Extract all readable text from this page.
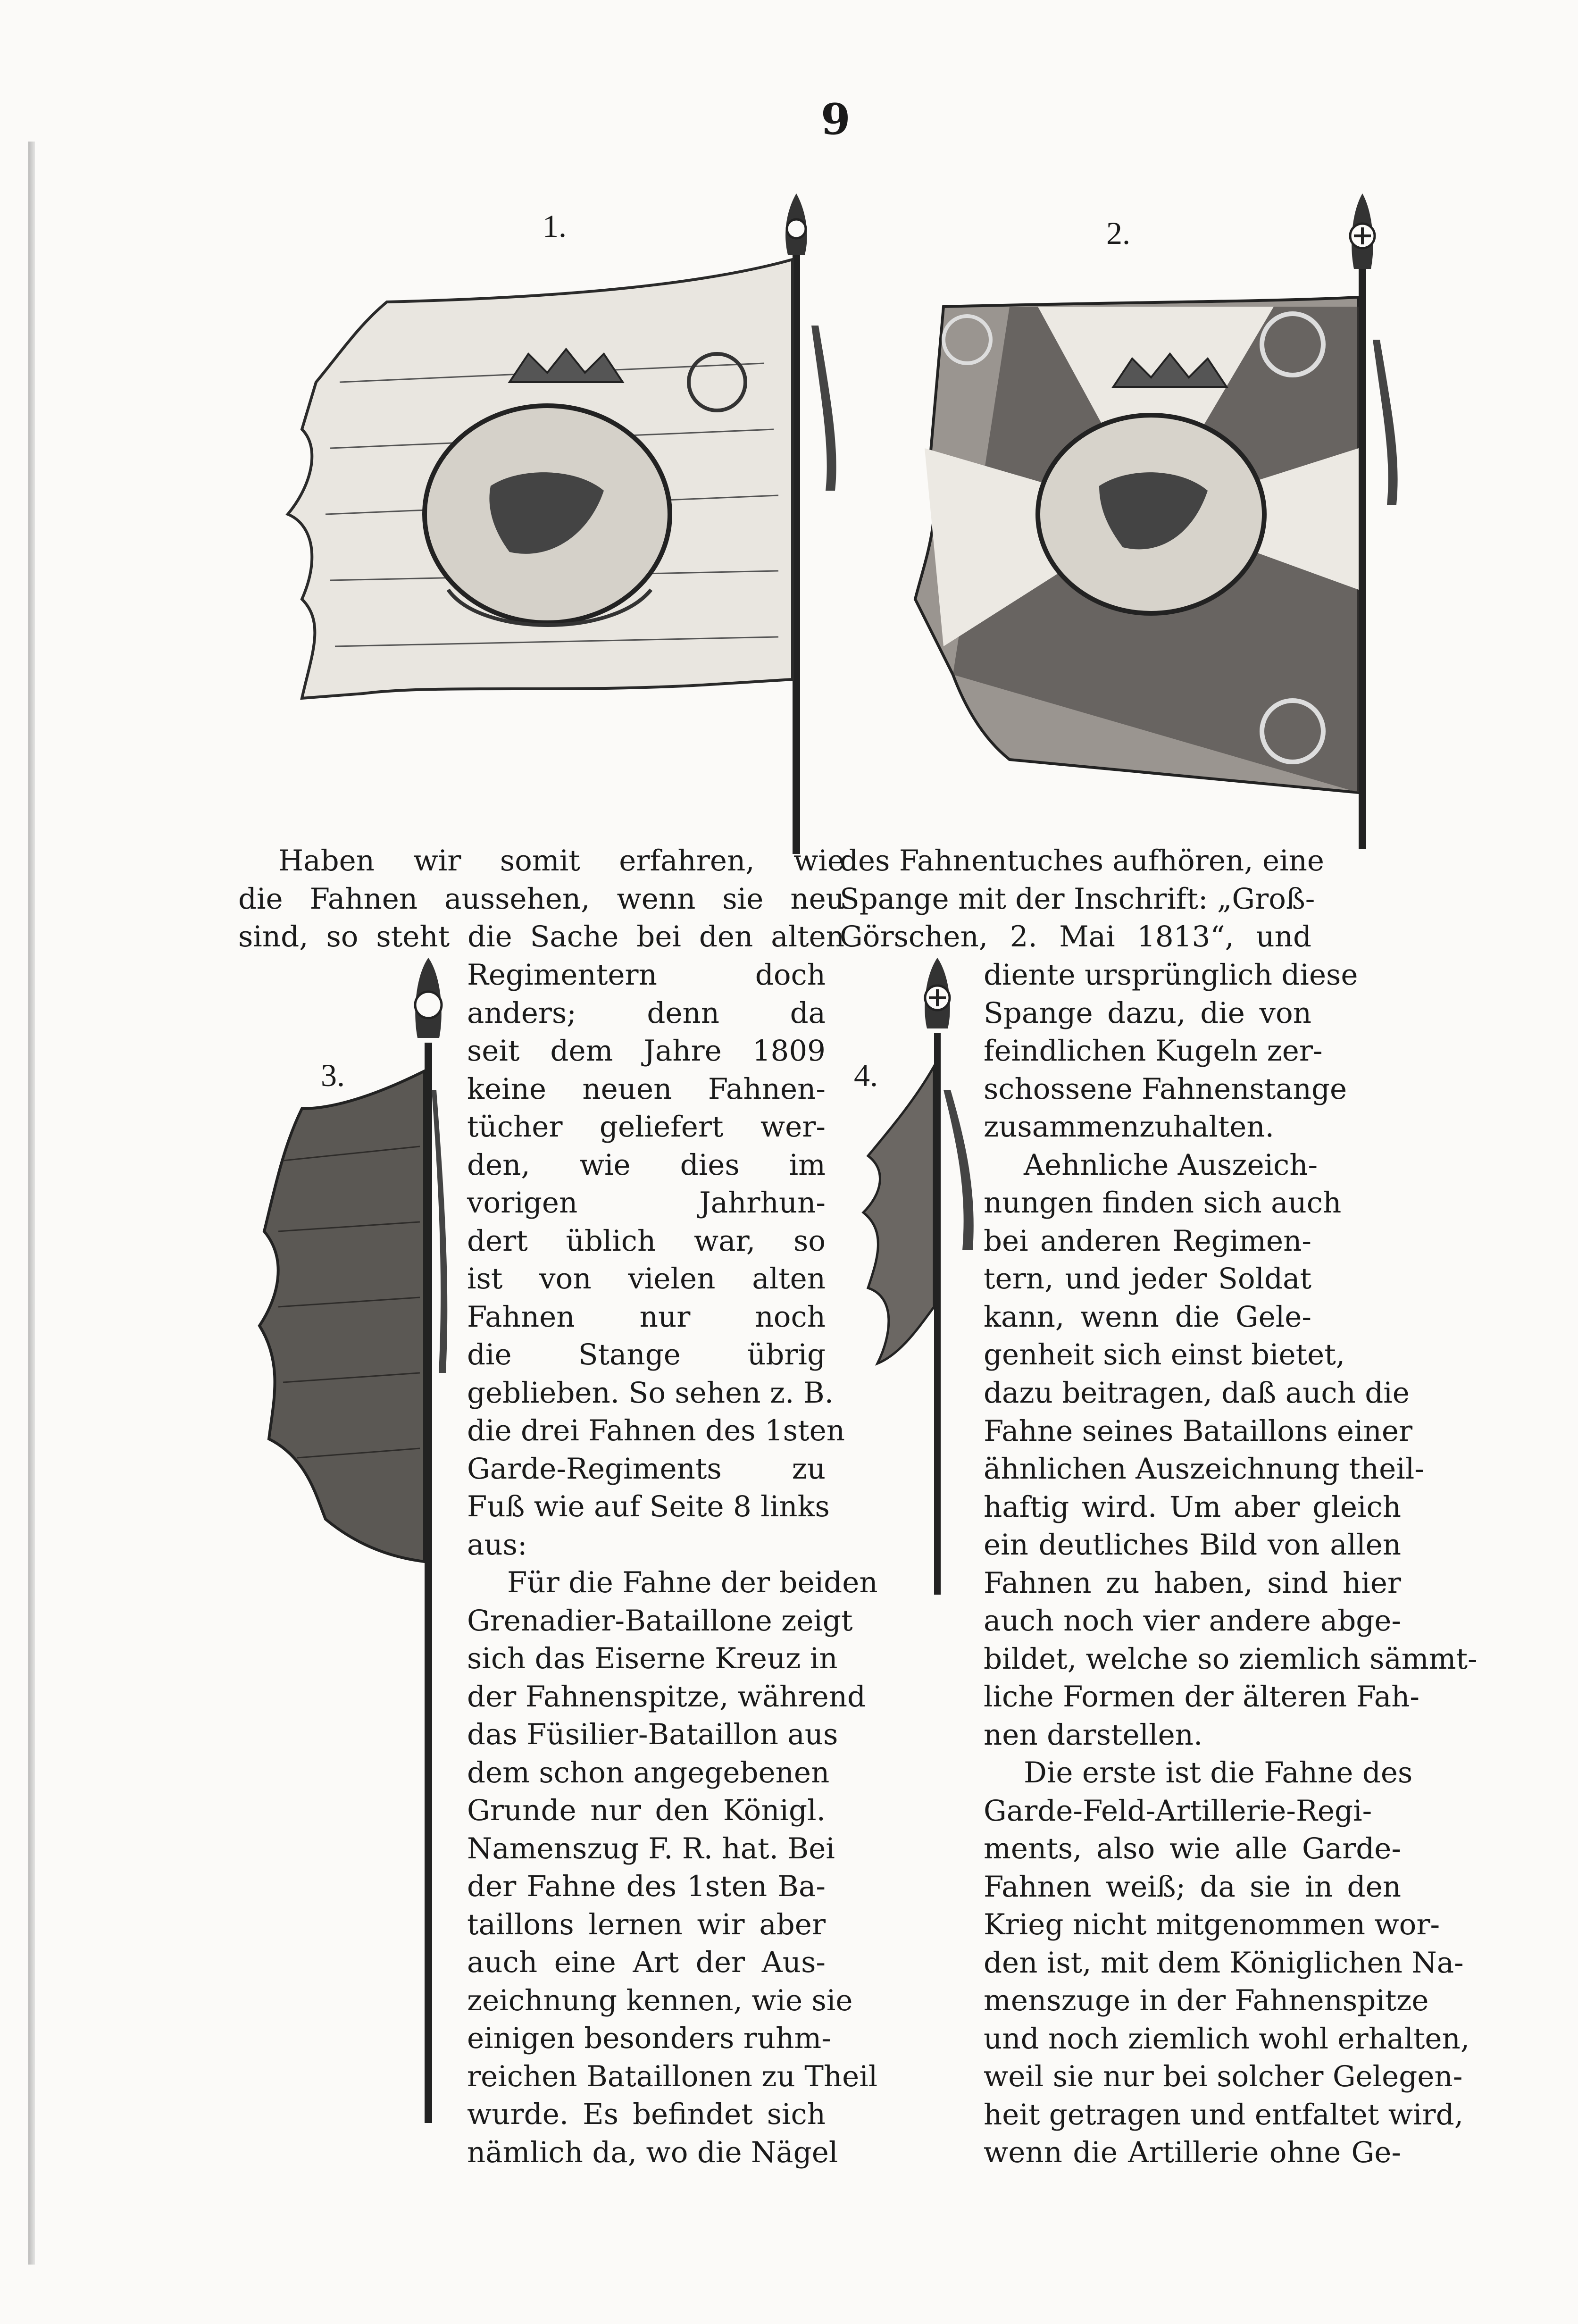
9
1.	2.
3.	4.
Haben wir somit erfahren, wie
die Fahnen aussehen, wenn sie neu
sind, so steht die Sache bei den alten
Regimentern doch
anders; denn da
seit dem Jahre 1809
keine neuen Fahnen-
tücher geliefert wer-
den, wie dies im
vorigen Jahrhun-
dert üblich war, so
ist von vielen alten
Fahnen nur noch
die Stange übrig
geblieben. So sehen z. B.
die drei Fahnen des 1sten
Garde-Regiments zu
Fuß wie auf Seite 8 links
aus:
Für die Fahne der beiden
Grenadier-Bataillone zeigt
sich das Eiserne Kreuz in
der Fahnenspitze, während
das Füsilier-Bataillon aus
dem schon angegebenen
Grunde nur den Königl.
Namenszug F. R. hat. Bei
der Fahne des 1sten Ba-
taillons lernen wir aber
auch eine Art der Aus-
zeichnung kennen, wie sie
einigen besonders ruhm-
reichen Bataillonen zu Theil
wurde. Es befindet sich
nämlich da, wo die Nägel
des Fahnentuches aufhören, eine
Spange mit der Inschrift: „Groß-
Görschen, 2. Mai 1813“, und
diente ursprünglich diese
Spange dazu, die von
feindlichen Kugeln zer-
schossene Fahnenstange
zusammenzuhalten.
Aehnliche Auszeich-
nungen finden sich auch
bei anderen Regimen-
tern, und jeder Soldat
kann, wenn die Gele-
genheit sich einst bietet,
dazu beitragen, daß auch die
Fahne seines Bataillons einer
ähnlichen Auszeichnung theil-
haftig wird. Um aber gleich
ein deutliches Bild von allen
Fahnen zu haben, sind hier
auch noch vier andere abge-
bildet, welche so ziemlich sämmt-
liche Formen der älteren Fah-
nen darstellen.
Die erste ist die Fahne des
Garde-Feld-Artillerie-Regi-
ments, also wie alle Garde-
Fahnen weiß; da sie in den
Krieg nicht mitgenommen wor-
den ist, mit dem Königlichen Na-
menszuge in der Fahnenspitze
und noch ziemlich wohl erhalten,
weil sie nur bei solcher Gelegen-
heit getragen und entfaltet wird,
wenn die Artillerie ohne Ge-
